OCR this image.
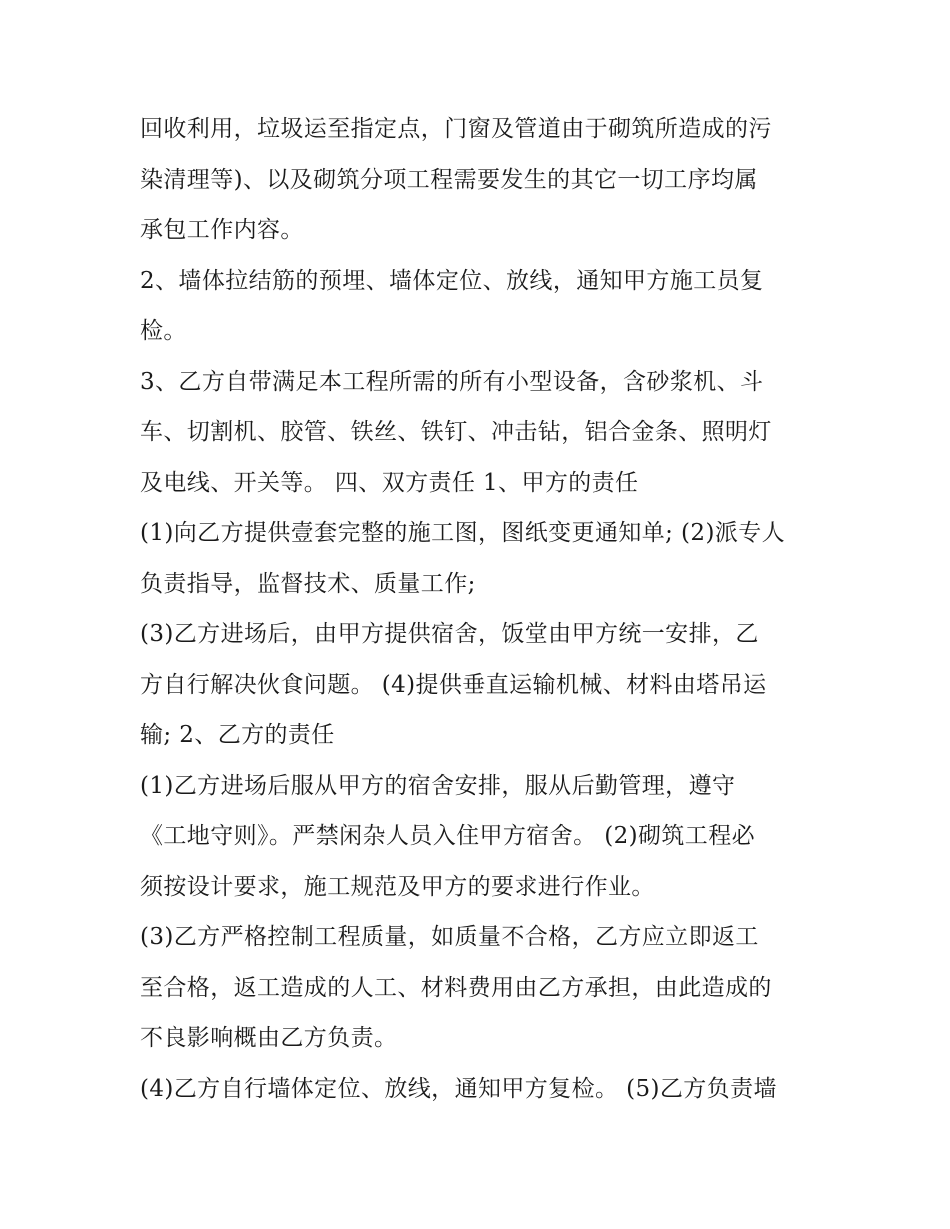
回收利用，垃圾运至指定点，门窗及管道由于砌筑所造成的污
染清理等)、以及砌筑分项工程需要发生的其它一切工序均属
承包工作内容。
2、墙体拉结筋的预埋、墙体定位、放线，通知甲方施工员复
检。
3、乙方自带满足本工程所需的所有小型设备，含砂浆机、斗
车、切割机、胶管、铁丝、铁钉、冲击钻，铝合金条、照明灯
及电线、开关等。 四、双方责任 1、甲方的责任
(1)向乙方提供壹套完整的施工图，图纸变更通知单; (2)派专人
负责指导，监督技术、质量工作;
(3)乙方进场后，由甲方提供宿舍，饭堂由甲方统一安排，乙
方自行解决伙食问题。 (4)提供垂直运输机械、材料由塔吊运
输; 2、乙方的责任
(1)乙方进场后服从甲方的宿舍安排，服从后勤管理，遵守
《工地守则》。严禁闲杂人员入住甲方宿舍。 (2)砌筑工程必
须按设计要求，施工规范及甲方的要求进行作业。
(3)乙方严格控制工程质量，如质量不合格，乙方应立即返工
至合格，返工造成的人工、材料费用由乙方承担，由此造成的
不良影响概由乙方负责。
(4)乙方自行墙体定位、放线，通知甲方复检。 (5)乙方负责墙
